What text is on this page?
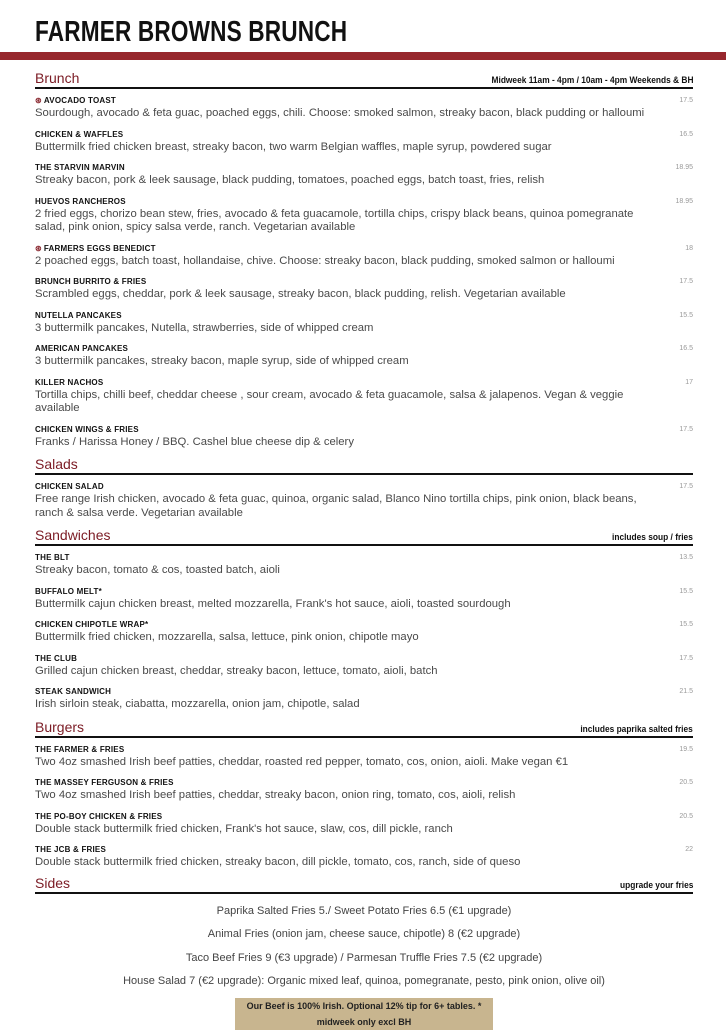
FARMER BROWNS BRUNCH
Brunch	Midweek 11am - 4pm / 10am - 4pm Weekends & BH
⊛ AVOCADO TOAST
Sourdough, avocado & feta guac, poached eggs, chili. Choose: smoked salmon, streaky bacon, black pudding or halloumi
17.5
CHICKEN & WAFFLES
Buttermilk fried chicken breast, streaky bacon, two warm Belgian waffles, maple syrup, powdered sugar
16.5
THE STARVIN MARVIN
Streaky bacon, pork & leek sausage, black pudding, tomatoes, poached eggs, batch toast, fries, relish
18.95
HUEVOS RANCHEROS
2 fried eggs, chorizo bean stew, fries, avocado & feta guacamole, tortilla chips, crispy black beans, quinoa pomegranate salad, pink onion, spicy salsa verde, ranch. Vegetarian available
18.95
⊛ FARMERS EGGS BENEDICT
2 poached eggs, batch toast, hollandaise, chive. Choose: streaky bacon, black pudding, smoked salmon or halloumi
18
BRUNCH BURRITO & FRIES
Scrambled eggs, cheddar, pork & leek sausage, streaky bacon, black pudding, relish. Vegetarian available
17.5
NUTELLA PANCAKES
3 buttermilk pancakes, Nutella, strawberries, side of whipped cream
15.5
AMERICAN PANCAKES
3 buttermilk pancakes, streaky bacon, maple syrup, side of whipped cream
16.5
KILLER NACHOS
Tortilla chips, chilli beef, cheddar cheese , sour cream, avocado & feta guacamole, salsa & jalapenos. Vegan & veggie available
17
CHICKEN WINGS & FRIES
Franks / Harissa Honey / BBQ. Cashel blue cheese dip & celery
17.5
Salads
CHICKEN SALAD
Free range Irish chicken, avocado & feta guac, quinoa, organic salad, Blanco Nino tortilla chips, pink onion, black beans, ranch & salsa verde. Vegetarian available
17.5
Sandwiches	includes soup / fries
THE BLT
Streaky bacon, tomato & cos, toasted batch, aioli
13.5
BUFFALO MELT*
Buttermilk cajun chicken breast, melted mozzarella, Frank's hot sauce, aioli, toasted sourdough
15.5
CHICKEN CHIPOTLE WRAP*
Buttermilk fried chicken, mozzarella, salsa, lettuce, pink onion, chipotle mayo
15.5
THE CLUB
Grilled cajun chicken breast, cheddar, streaky bacon, lettuce, tomato, aioli, batch
17.5
STEAK SANDWICH
Irish sirloin steak, ciabatta, mozzarella, onion jam, chipotle, salad
21.5
Burgers	includes paprika salted fries
THE FARMER & FRIES
Two 4oz smashed Irish beef patties, cheddar, roasted red pepper, tomato, cos, onion, aioli. Make vegan €1
19.5
THE MASSEY FERGUSON & FRIES
Two 4oz smashed Irish beef patties, cheddar, streaky bacon, onion ring, tomato, cos, aioli, relish
20.5
THE PO-BOY CHICKEN & FRIES
Double stack buttermilk fried chicken, Frank's hot sauce, slaw, cos, dill pickle, ranch
20.5
THE JCB & FRIES
Double stack buttermilk fried chicken, streaky bacon, dill pickle, tomato, cos, ranch, side of queso
22
Sides	upgrade your fries
Paprika Salted Fries 5./ Sweet Potato Fries 6.5 (€1 upgrade)
Animal Fries (onion jam, cheese sauce, chipotle) 8 (€2 upgrade)
Taco Beef Fries 9 (€3 upgrade) / Parmesan Truffle Fries 7.5 (€2 upgrade)
House Salad 7 (€2 upgrade): Organic mixed leaf, quinoa, pomegranate, pesto, pink onion, olive oil)
Our Beef is 100% Irish. Optional 12% tip for 6+ tables. * midweek only excl BH
